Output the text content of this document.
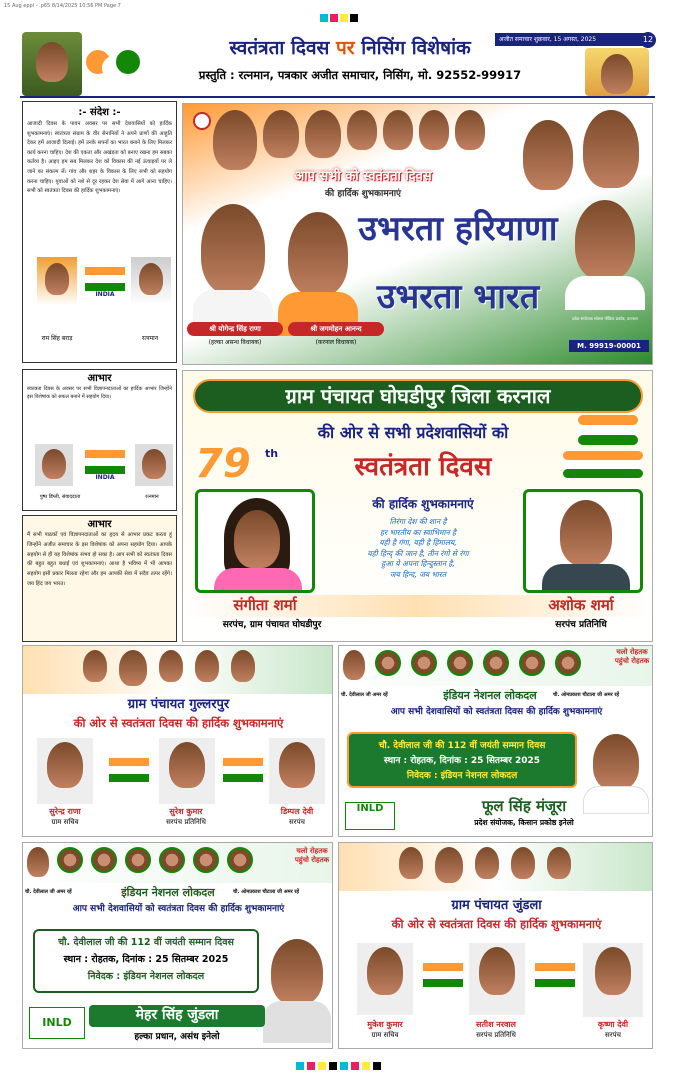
15 Aug eppl - .p65 8/14/2025 10:56 PM Page 7
स्वतंत्रता दिवस पर निसिंग विशेषांक
प्रस्तुति : रत्नमान, पत्रकार अजीत समाचार, निसिंग, मो. 92552-99917
अजीत समाचार शुक्रवार, 15 अगस्त, 2025	12
:- संदेश :-
आजादी दिवस के पावन अवसर पर सभी देशवासियों को हार्दिक शुभकामनाएं। स्वतंत्रता संग्राम के वीर सेनानियों ने अपने प्राणों की आहुति देकर हमें आजादी दिलाई। हमें उनके सपनों का भारत बनाने के लिए मिलकर कार्य करना चाहिए। देश की एकता और अखंडता को बनाए रखना हम सबका कर्तव्य है। आइए हम सब मिलकर देश को विकास की नई ऊंचाइयों पर ले जाने का संकल्प लें। गांव और शहर के विकास के लिए सभी को सहयोग करना चाहिए। युवाओं को नशे से दूर रहकर देश सेवा में आगे आना चाहिए। सभी को स्वतंत्रता दिवस की हार्दिक शुभकामनाएं।
INDIA
राम सिंह बराड़	रत्नमान
आभार
स्वतंत्रता दिवस के अवसर पर सभी विज्ञापनदाताओं का हार्दिक आभार जिन्होंने इस विशेषांक को सफल बनाने में सहयोग दिया।
INDIA
पुष्प डिंग्ली, संवाददाता	रत्नमान
आभार
मैं सभी पाठकों एवं विज्ञापनदाताओं का हृदय से आभार प्रकट करता हूं जिन्होंने अजीत समाचार के इस विशेषांक को अपना सहयोग दिया। आपके सहयोग से ही यह विशेषांक संभव हो सका है। आप सभी को स्वतंत्रता दिवस की बहुत बहुत बधाई एवं शुभकामनाएं। आशा है भविष्य में भी आपका सहयोग इसी प्रकार मिलता रहेगा और हम आपकी सेवा में सदैव तत्पर रहेंगे। जय हिंद जय भारत।
आप सभी को स्वतंत्रता दिवस
की हार्दिक शुभकामनाएं
उभरता हरियाणा
उभरता भारत
श्री योगेन्द्र सिंह राणा
(हल्का असन्ध विधायक)
श्री जगमोहन आनन्द
(करनाल विधायक)
प्रवीन नरवाल
प्रदेश संयोजक सोशल मीडिया प्रकोष्ठ, करनाल
M. 99919-00001
ग्राम पंचायत घोघडीपुर जिला करनाल
की ओर से सभी प्रदेशवासियों को
79	th	स्वतंत्रता दिवस
की हार्दिक शुभकामनाएं
तिरंगा देश की शान है
हर भारतीय का स्वाभिमान है
यही है गंगा, यही है हिमालय,
यही हिन्द् की जान है, तीन रंगो से रंगा
हुआ ये अपना हिन्दुस्तान है,
जय हिन्द, जय भारत
संगीता शर्मा
सरपंच, ग्राम पंचायत घोघडीपुर
अशोक शर्मा
सरपंच प्रतिनिधि
ग्राम पंचायत गुल्लरपुर
की ओर से स्वतंत्रता दिवस की हार्दिक शुभकामनाएं
सुरेन्द्र राणा
ग्राम सचिव
सुरेश कुमार
सरपंच प्रतिनिधि
डिम्पल देवी
सरपंच
चलो रोहतक पहुंचो रोहतक
चौ. देवीलाल जी अमर रहें	इंडियन नेशनल लोकदल	चौ. ओमप्रकाश चौटाला जी अमर रहें
आप सभी देशवासियों को स्वतंत्रता दिवस की हार्दिक शुभकामनाएं
चौ. देवीलाल जी की 112 वीं जयंती सम्मान दिवस
स्थान : रोहतक, दिनांक : 25 सितम्बर 2025
निवेदक : इंडियन नेशनल लोकदल
INLD	फूल सिंह मंजूरा
प्रदेश संयोजक, किसान प्रकोष्ठ इनेलो
चलो रोहतक पहुंचो रोहतक
चौ. देवीलाल जी अमर रहें	इंडियन नेशनल लोकदल	चौ. ओमप्रकाश चौटाला जी अमर रहें
आप सभी देशवासियों को स्वतंत्रता दिवस की हार्दिक शुभकामनाएं
चौ. देवीलाल जी की 112 वीं जयंती सम्मान दिवस
स्थान : रोहतक, दिनांक : 25 सितम्बर 2025
निवेदक : इंडियन नेशनल लोकदल
INLD	मेहर सिंह जुंडला
हल्का प्रधान, असंध इनेलो
ग्राम पंचायत जुंडला
की ओर से स्वतंत्रता दिवस की हार्दिक शुभकामनाएं
मुकेश कुमार
ग्राम सचिव
सतीश नरवाल
सरपंच प्रतिनिधि
कृष्णा देवी
सरपंच
